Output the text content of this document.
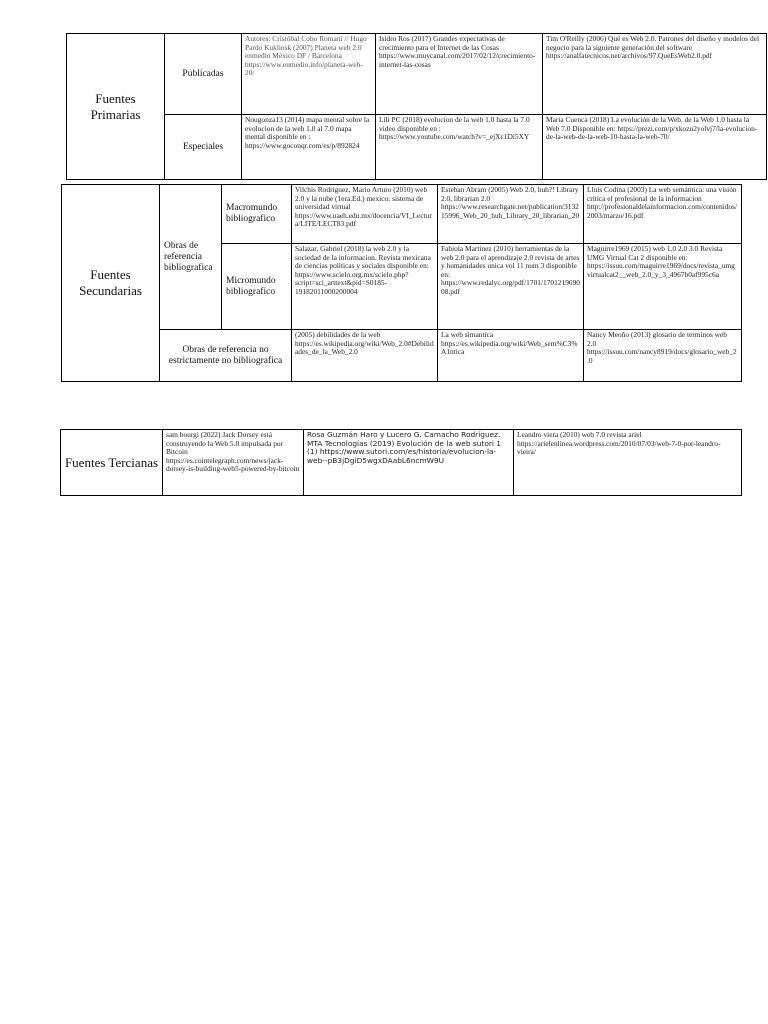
Fuentes Primarias	Publicadas	Autores: Cristóbal Cobo Romaní // Hugo Pardo Kuklinsk (2007) Planeta web 2.0 enmedio México DF / Barcelona https://www.enmedio.info/planeta-web-20/	Isidro Ros (2017) Grandes expectativas de crecimiento para el Internet de las Cosas https://www.muycanal.com/2017/02/12/crecimiento-internet-las-cosas	Tim O'Reilly (2006) Qué es Web 2.0. Patrones del diseño y modelos del negocio para la siguiente generación del software https://analfatecnicos.net/archivos/97.QueEsWeb2.0.pdf
	Especiales	Nougonza13 (2014) mapa mental sobre la evolucion de la web 1.0 al 7.0 mapa mental disponible en : https://www.goconqr.com/es/p/892824	Lili PC (2018) evolucion de la web 1.0 hasta la 7.0 video disponible en : https://www.youtube.com/watch?v=_ejXc1Di5XY	Maria Cuenca (2018) La evolución de la Web. de la Web 1.0 hasta la Web 7.0 Disponible en: https://prezi.com/p/xkozu2yolvj7/la-evolucion-de-la-web-de-la-web-10-hasta-la-web-70/
Fuentes Secundarias	Obras de referencia bibliografica	Macromundo bibliografico	Vilchis Rodriguez, Mario Arturo (2010) web 2.0 y la nube (1era.Ed.) mexico: sistema de universidad virtual https://www.uaeh.edu.mx/docencia/VI_Lectura/LITE/LECT83.pdf	Esteban Abram (2005) Web 2.0, huh?! Library 2.0, librarian 2.0 https://www.researchgate.net/publication/313215996_Web_20_huh_Library_20_librarian_20	Lluís Codina (2003) La web semántica: una visión crítica el profesional de la informacion http://profesionaldelainformacion.com/contenidos/2003/marzo/16.pdf
		Micromundo bibliografico	Salazar, Gabriel (2018) la web 2.0 y la sociedad de la informacion. Revista mexicana de ciencias politicas y sociales disponible en: https://www.scielo.org.mx/scielo.php?script=sci_arttext&pid=S0185-19182011000200004	Fabiola Martinez (2010) herramientas de la web 2.0 para el aprendizaje 2.0 revista de artes y humanidades unica vol 11 num 3 disponible en: https://www.redalyc.org/pdf/1701/170121969008.pdf	Maguirre1969 (2015) web 1.0 2.0 3.0 Revista UMG Virtual Cat 2 disponible en: https://issuu.com/maguirre1969/docs/revista_umgvirtualcat2__web_2.0_y_3_4967b0af995c6a
	Obras de referencia no estrictamente no bibliografica		(2005) debilidades de la web https://es.wikipedia.org/wiki/Web_2.0#Debilidades_de_la_Web_2.0	La web simantica https://es.wikipedia.org/wiki/Web_sem%C3%A1ntica	Nancy Meoño (2013) glosario de terminos web 2.0 https://issuu.com/nancy8919/docs/glosario_web_2.0
Fuentes Tercianas	sam bourgi (2022) Jack Dorsey está construyendo la Web 5.0 impulsada por Bitcoin https://es.cointelegraph.com/news/jack-dorsey-is-building-web5-powered-by-bitcoin	Rosa Guzmán Haro y Lucero G. Camacho Rodríguez. MTA Tecnologías (2019) Evolución de la web sutori 1 (1) https://www.sutori.com/es/historia/evolucion-la-web--pB3jDgiD5wgxDAabL6ncmW9U	Leandro viera (2010) web 7.0 revista ariel https://arielenlinea.wordpress.com/2010/07/03/web-7-0-por-leandro-vieira/
